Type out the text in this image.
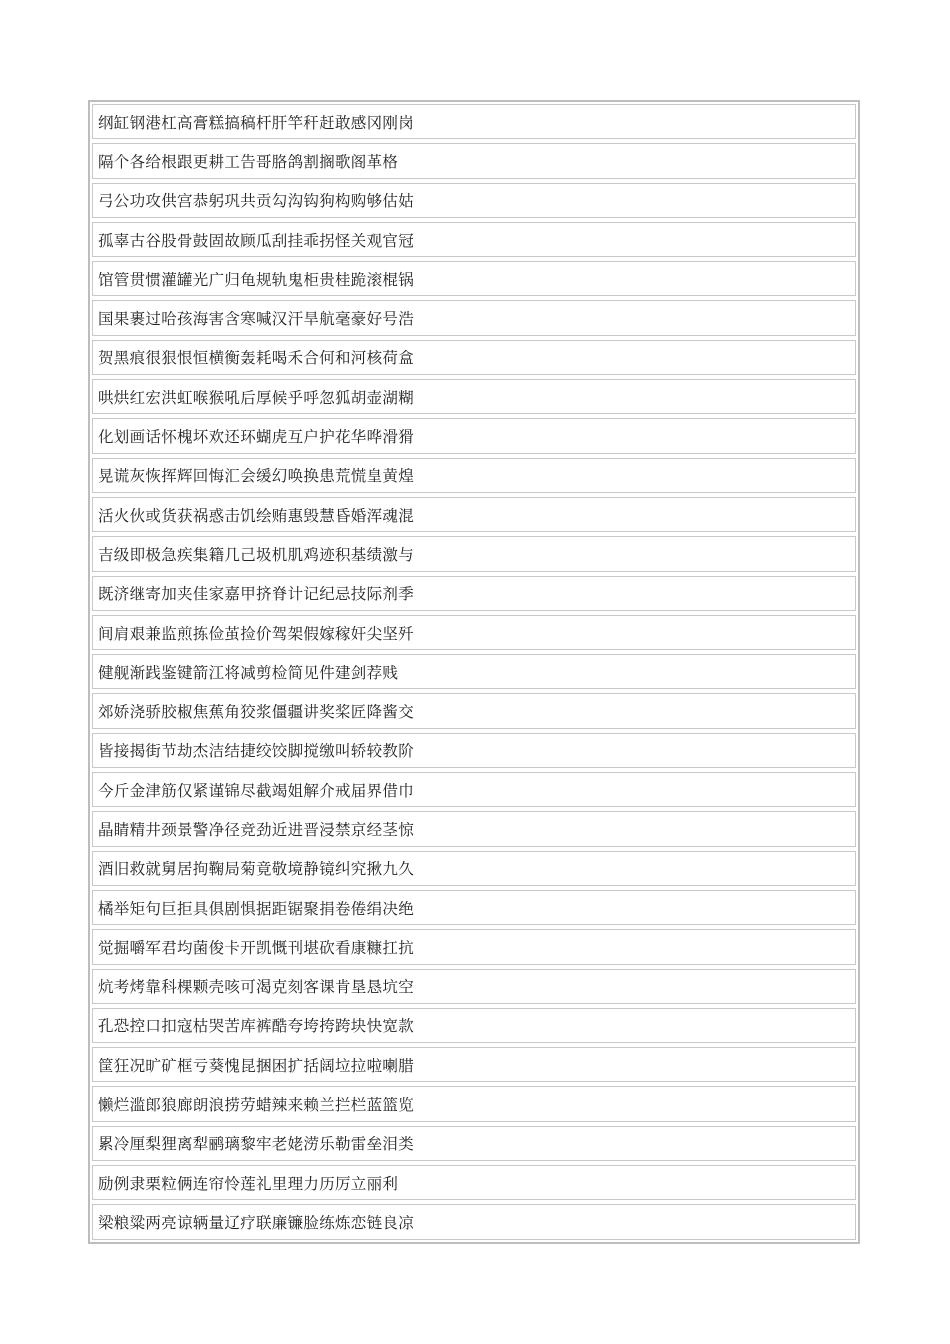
纲缸钢港杠高膏糕搞稿杆肝竿秆赶敢感冈刚岗
隔个各给根跟更耕工告哥胳鸽割搁歌阁革格
弓公功攻供宫恭躬巩共贡勾沟钩狗构购够估姑
孤辜古谷股骨鼓固故顾瓜刮挂乖拐怪关观官冠
馆管贯惯灌罐光广归龟规轨鬼柜贵桂跪滚棍锅
国果裹过哈孩海害含寒喊汉汗旱航毫豪好号浩
贺黑痕很狠恨恒横衡轰耗喝禾合何和河核荷盒
哄烘红宏洪虹喉猴吼后厚候乎呼忽狐胡壶湖糊
化划画话怀槐坏欢还环蝴虎互户护花华哗滑猾
晃谎灰恢挥辉回悔汇会缓幻唤换患荒慌皇黄煌
活火伙或货获祸惑击饥绘贿惠毁慧昏婚浑魂混
吉级即极急疾集籍几己圾机肌鸡迹积基绩激与
既济继寄加夹佳家嘉甲挤脊计记纪忌技际剂季
间肩艰兼监煎拣俭茧捡价驾架假嫁稼奸尖坚歼
健舰渐践鉴键箭江将减剪检简见件建剑荐贱
郊娇浇骄胶椒焦蕉角狡浆僵疆讲奖桨匠降酱交
皆接揭街节劫杰洁结捷绞饺脚搅缴叫轿较教阶
今斤金津筋仅紧谨锦尽截竭姐解介戒届界借巾
晶睛精井颈景警净径竞劲近进晋浸禁京经茎惊
酒旧救就舅居拘鞠局菊竟敬境静镜纠究揪九久
橘举矩句巨拒具俱剧惧据距锯聚捐卷倦绢决绝
觉掘嚼军君均菌俊卡开凯慨刊堪砍看康糠扛抗
炕考烤靠科棵颗壳咳可渴克刻客课肯垦恳坑空
孔恐控口扣寇枯哭苦库裤酷夸垮挎跨块快宽款
筐狂况旷矿框亏葵愧昆捆困扩括阔垃拉啦喇腊
懒烂滥郎狼廊朗浪捞劳蜡辣来赖兰拦栏蓝篮览
累冷厘梨狸离犁鹂璃黎牢老姥涝乐勒雷垒泪类
励例隶栗粒俩连帘怜莲礼里理力历厉立丽利
梁粮粱两亮谅辆量辽疗联廉镰脸练炼恋链良凉
